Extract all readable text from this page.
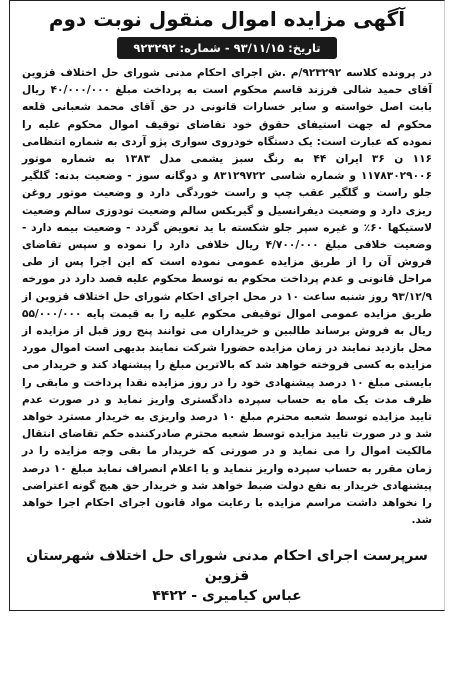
آگهی مزایده اموال منقول نوبت دوم
تاریخ: ۹۳/۱۱/۱۵ - شماره: ۹۲۳۲۹۲
در پرونده کلاسه ۹۲۳۲۹۲/م .ش اجرای احکام مدنی شورای حل اختلاف قزوین آقای حمید شالی فرزند قاسم محکوم است به پرداخت مبلغ ۴۰/۰۰۰/۰۰۰ ریال بابت اصل خواسته و سایر خسارات قانونی در حق آقای محمد شعبانی قلعه محکوم له جهت استیفای حقوق خود تقاضای توقیف اموال محکوم علیه را نموده که عبارت است: یک دستگاه خودروی سواری پژو آردی به شماره انتظامی ۱۱۶ ن ۳۶ ایران ۴۴ به رنگ سبز یشمی مدل ۱۳۸۳ به شماره موتور ۱۱۷۸۳۰۲۹۰۰۶ و شماره شاسی ۸۳۱۲۹۷۲۲ و دوگانه سوز - وضعیت بدنه: گلگیر جلو راست و گلگیر عقب چپ و راست خوردگی دارد و وضعیت موتور روغن ریزی دارد و وضعیت دیفرانسیل و گیربکس سالم وضعیت تودوزی سالم وضعیت لاستیکها ۶۰٪ و غیره سپر جلو شکسته با ید تعویض گردد - وضعیت بیمه دارد - وضعیت خلافی مبلغ ۴/۷۰۰/۰۰۰ ریال خلافی دارد را نموده و سپس تقاضای فروش آن را از طریق مزایده عمومی نموده است که این اجرا پس از طی مراحل قانونی و عدم پرداخت محکوم به توسط محکوم علیه قصد دارد در مورخه ۹۳/۱۲/۹ روز شنبه ساعت ۱۰ در محل اجرای احکام شورای حل اختلاف قزوین از طریق مزایده عمومی اموال توقیفی محکوم علیه را به قیمت پایه ۵۵/۰۰۰/۰۰۰ ریال به فروش برساند طالبین و خریداران می توانند پنج روز قبل از مزایده از محل بازدید نمایند در زمان مزایده حضورا شرکت نمایند بدیهی است اموال مورد مزایده به کسی فروخته خواهد شد که بالاترین مبلغ را پیشنهاد کند و خریدار می بایستی مبلغ ۱۰ درصد پیشنهادی خود را در روز مزایده نقدا پرداخت و مابقی را ظرف مدت یک ماه به حساب سپرده دادگستری واریز نماید و در صورت عدم تایید مزایده توسط شعبه محترم مبلغ ۱۰ درصد واریزی به خریدار مسترد خواهد شد و در صورت تایید مزایده توسط شعبه محترم صادرکننده حکم تقاضای انتقال مالکیت اموال را می نماید و در صورتی که خریدار ما بقی وجه مزایده را در زمان مقرر به حساب سپرده واریز ننماید و یا اعلام انصراف نماید مبلغ ۱۰ درصد پیشنهادی خریدار به نفع دولت ضبط خواهد شد و خریدار حق هیچ گونه اعتراضی را نخواهد داشت مراسم مزایده با رعایت مواد قانون اجرای احکام اجرا خواهد شد.
سرپرست اجرای احکام مدنی شورای حل اختلاف شهرستان قزوین
عباس کیامیری - ۴۴۲۲
